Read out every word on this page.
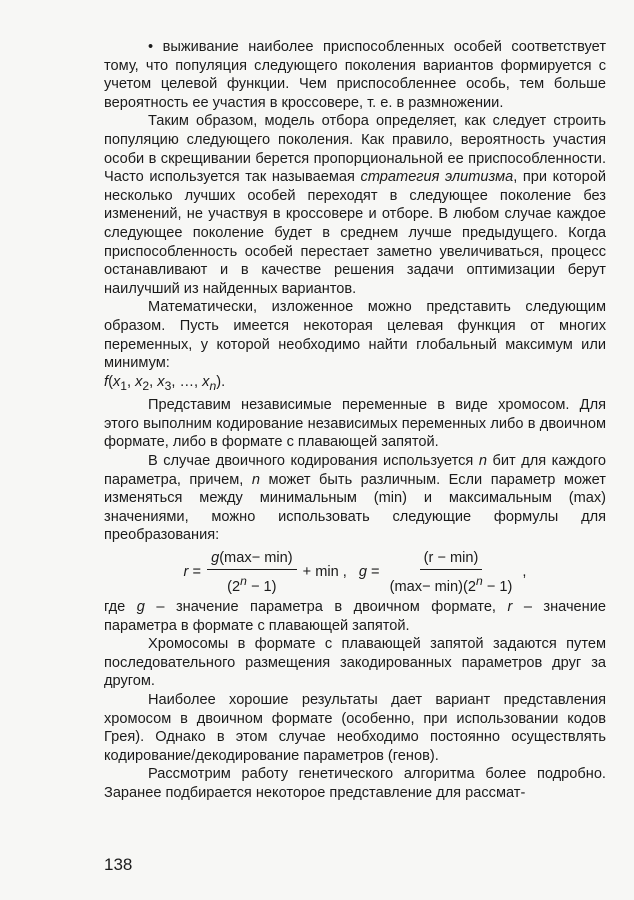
• выживание наиболее приспособленных особей соответствует тому, что популяция следующего поколения вариантов формируется с учетом целевой функции. Чем приспособленнее особь, тем больше вероятность ее участия в кроссовере, т. е. в размножении.

Таким образом, модель отбора определяет, как следует строить популяцию следующего поколения. Как правило, вероятность участия особи в скрещивании берется пропорциональной ее приспособленности. Часто используется так называемая стратегия элитизма, при которой несколько лучших особей переходят в следующее поколение без изменений, не участвуя в кроссовере и отборе. В любом случае каждое следующее поколение будет в среднем лучше предыдущего. Когда приспособленность особей перестает заметно увеличиваться, процесс останавливают и в качестве решения задачи оптимизации берут наилучший из найденных вариантов.

Математически, изложенное можно представить следующим образом. Пусть имеется некоторая целевая функция от многих переменных, у которой необходимо найти глобальный максимум или минимум:

$f(x_1$, $x_2$, $x_3$, …, $x_n$).

Представим независимые переменные в виде хромосом. Для этого выполним кодирование независимых переменных либо в двоичном формате, либо в формате с плавающей запятой.

В случае двоичного кодирования используется n бит для каждого параметра, причем, n может быть различным. Если параметр может изменяться между минимальным (min) и максимальным (max) значениями, можно использовать следующие формулы для преобразования:

$r = \frac{g(\max- \min)}{(2^n - 1)} + \min$ , $g = \frac{(r - \min)}{(\max- \min)(2^n - 1)}$ ,

где g – значение параметра в двоичном формате, r – значение параметра в формате с плавающей запятой.

Хромосомы в формате с плавающей запятой задаются путем последовательного размещения закодированных параметров друг за другом.

Наиболее хорошие результаты дает вариант представления хромосом в двоичном формате (особенно, при использовании кодов Грея). Однако в этом случае необходимо постоянно осуществлять кодирование/декодирование параметров (генов).

Рассмотрим работу генетического алгоритма более подробно. Заранее подбирается некоторое представление для рассмат-

138
